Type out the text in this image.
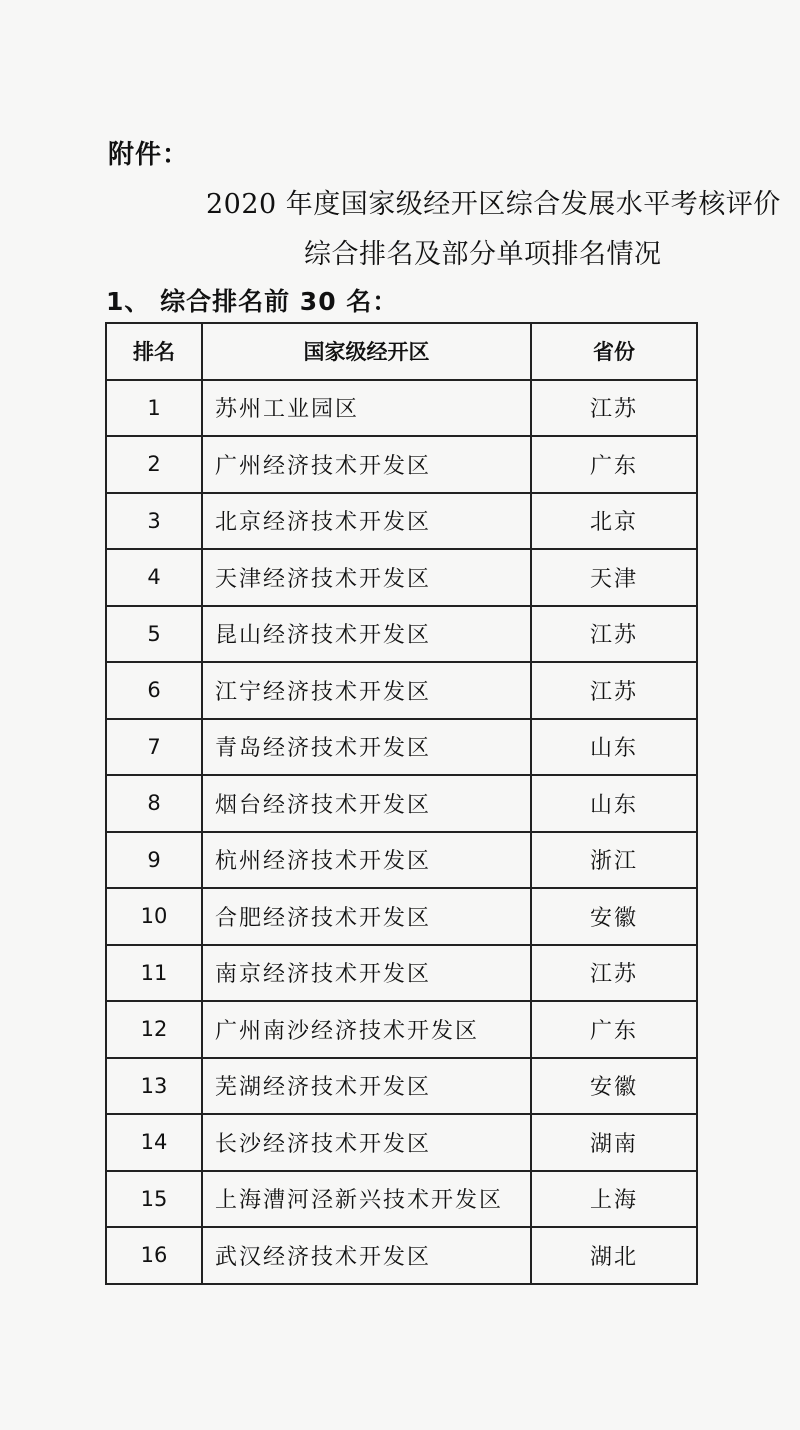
附件：
2020 年度国家级经开区综合发展水平考核评价
综合排名及部分单项排名情况
1、 综合排名前 30 名：
排名	国家级经开区	省份
1	苏州工业园区	江苏
2	广州经济技术开发区	广东
3	北京经济技术开发区	北京
4	天津经济技术开发区	天津
5	昆山经济技术开发区	江苏
6	江宁经济技术开发区	江苏
7	青岛经济技术开发区	山东
8	烟台经济技术开发区	山东
9	杭州经济技术开发区	浙江
10	合肥经济技术开发区	安徽
11	南京经济技术开发区	江苏
12	广州南沙经济技术开发区	广东
13	芜湖经济技术开发区	安徽
14	长沙经济技术开发区	湖南
15	上海漕河泾新兴技术开发区	上海
16	武汉经济技术开发区	湖北
